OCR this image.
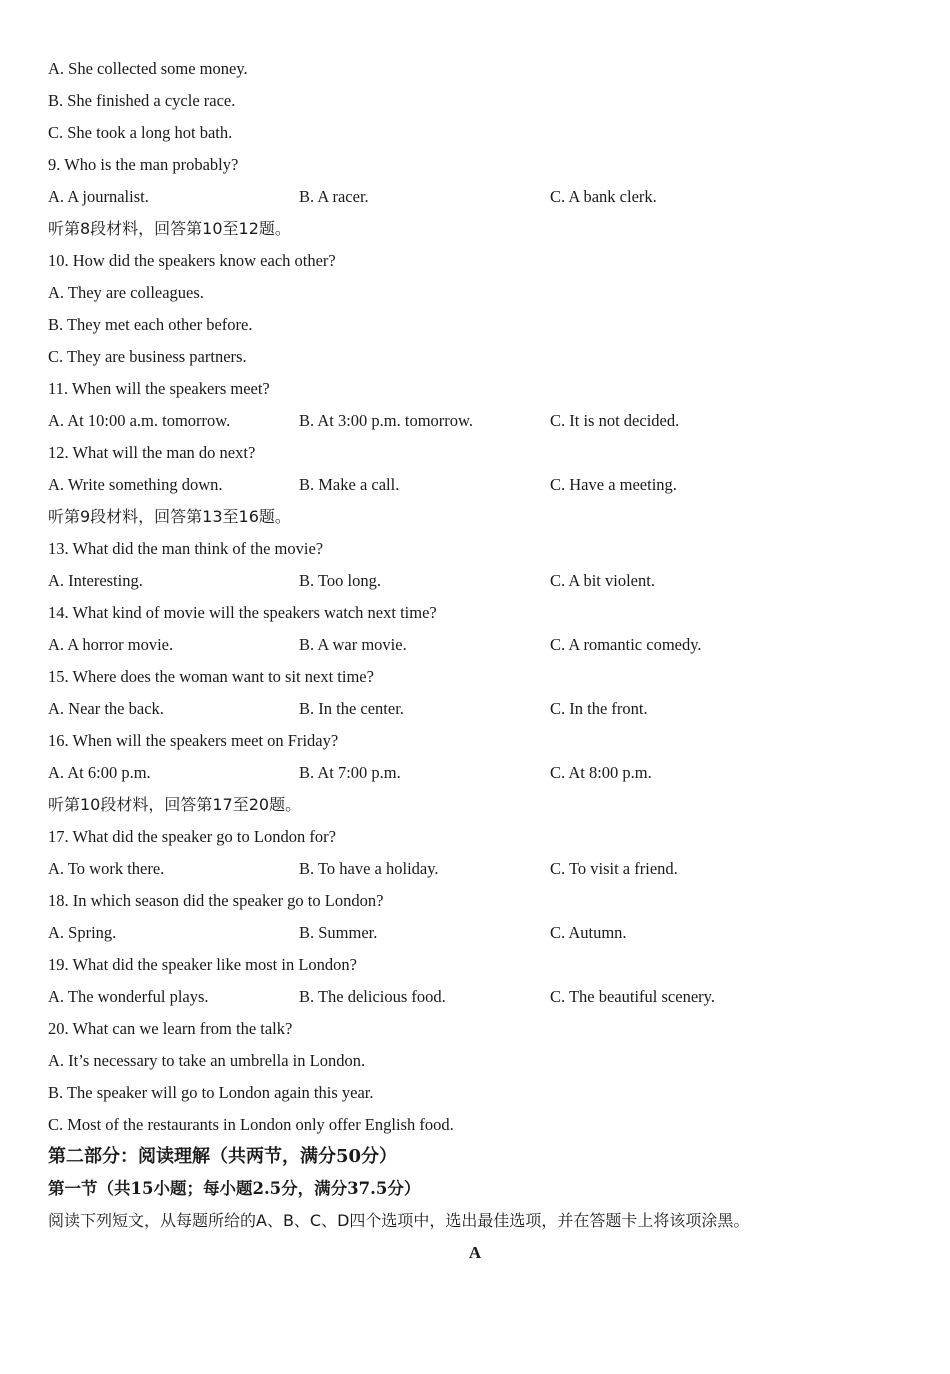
A. She collected some money.
B. She finished a cycle race.
C. She took a long hot bath.
9. Who is the man probably?
A. A journalist.	B. A racer.	C. A bank clerk.
听第8段材料，回答第10至12题。
10. How did the speakers know each other?
A. They are colleagues.
B. They met each other before.
C. They are business partners.
11. When will the speakers meet?
A. At 10:00 a.m. tomorrow.	B. At 3:00 p.m. tomorrow.	C. It is not decided.
12. What will the man do next?
A. Write something down.	B. Make a call.	C. Have a meeting.
听第9段材料，回答第13至16题。
13. What did the man think of the movie?
A. Interesting.	B. Too long.	C. A bit violent.
14. What kind of movie will the speakers watch next time?
A. A horror movie.	B. A war movie.	C. A romantic comedy.
15. Where does the woman want to sit next time?
A. Near the back.	B. In the center.	C. In the front.
16. When will the speakers meet on Friday?
A. At 6:00 p.m.	B. At 7:00 p.m.	C. At 8:00 p.m.
听第10段材料，回答第17至20题。
17. What did the speaker go to London for?
A. To work there.	B. To have a holiday.	C. To visit a friend.
18. In which season did the speaker go to London?
A. Spring.	B. Summer.	C. Autumn.
19. What did the speaker like most in London?
A. The wonderful plays.	B. The delicious food.	C. The beautiful scenery.
20. What can we learn from the talk?
A. It’s necessary to take an umbrella in London.
B. The speaker will go to London again this year.
C. Most of the restaurants in London only offer English food.
第二部分：阅读理解（共两节，满分50分）
第一节（共15小题；每小题2.5分，满分37.5分）
阅读下列短文，从每题所给的A、B、C、D四个选项中，选出最佳选项，并在答题卡上将该项涂黑。
A
